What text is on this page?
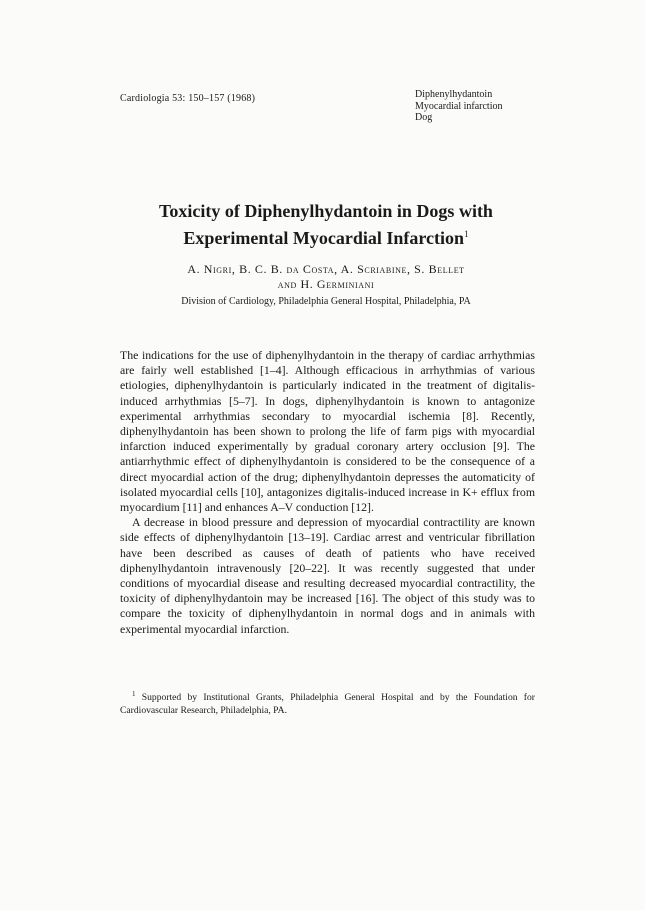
Cardiologia 53: 150–157 (1968)	Diphenylhydantoin
Myocardial infarction
Dog
Toxicity of Diphenylhydantoin in Dogs with Experimental Myocardial Infarction$^1$
A. Nigri, B. C. B. da Costa, A. Scriabine, S. Bellet
and H. Germiniani
Division of Cardiology, Philadelphia General Hospital, Philadelphia, PA

The indications for the use of diphenylhydantoin in the therapy of cardiac arrhythmias are fairly well established [1–4]. Although efficacious in arrhythmias of various etiologies, diphenylhydantoin is particularly indicated in the treatment of digitalis-induced arrhythmias [5–7]. In dogs, diphenylhydantoin is known to antagonize experimental arrhythmias secondary to myocardial ischemia [8]. Recently, diphenylhydantoin has been shown to prolong the life of farm pigs with myocardial infarction induced experimentally by gradual coronary artery occlusion [9]. The antiarrhythmic effect of diphenylhydantoin is considered to be the consequence of a direct myocardial action of the drug; diphenylhydantoin depresses the automaticity of isolated myocardial cells [10], antagonizes digitalis-induced increase in K+ efflux from myocardium [11] and enhances A–V conduction [12].

A decrease in blood pressure and depression of myocardial contractility are known side effects of diphenylhydantoin [13–19]. Cardiac arrest and ventricular fibrillation have been described as causes of death of patients who have received diphenylhydantoin intravenously [20–22]. It was recently suggested that under conditions of myocardial disease and resulting decreased myocardial contractility, the toxicity of diphenylhydantoin may be increased [16]. The object of this study was to compare the toxicity of diphenylhydantoin in normal dogs and in animals with experimental myocardial infarction.

$^1$ Supported by Institutional Grants, Philadelphia General Hospital and by the Foundation for Cardiovascular Research, Philadelphia, PA.
